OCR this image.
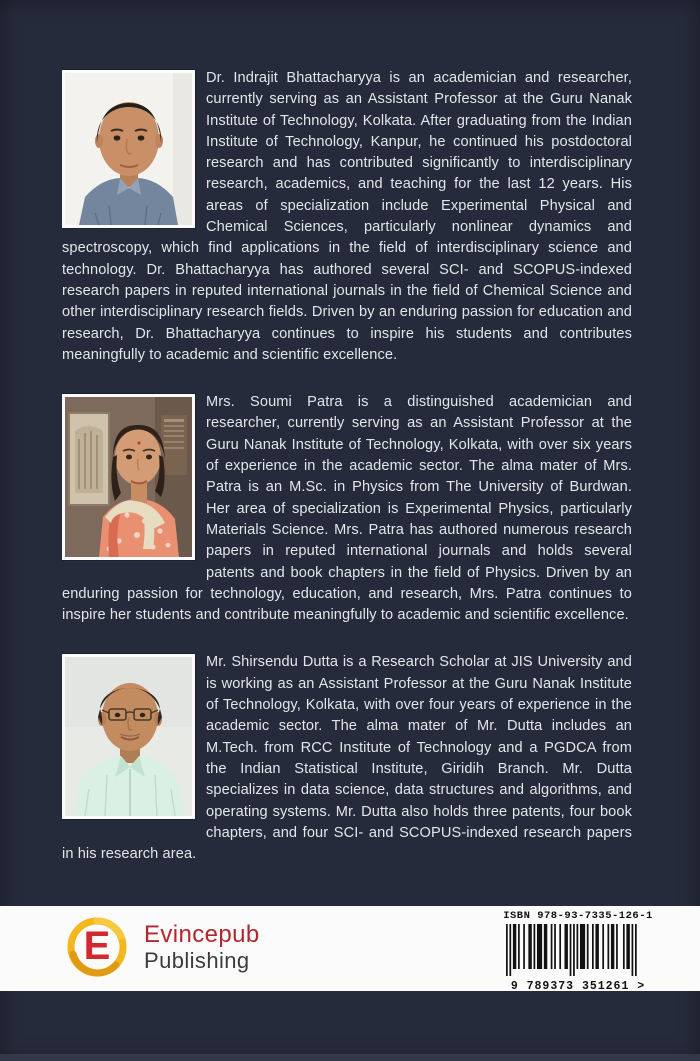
Dr. Indrajit Bhattacharyya is an academician and researcher, currently serving as an Assistant Professor at the Guru Nanak Institute of Technology, Kolkata. After graduating from the Indian Institute of Technology, Kanpur, he continued his postdoctoral research and has contributed significantly to interdisciplinary research, academics, and teaching for the last 12 years. His areas of specialization include Experimental Physical and Chemical Sciences, particularly nonlinear dynamics and spectroscopy, which find applications in the field of interdisciplinary science and technology. Dr. Bhattacharyya has authored several SCI- and SCOPUS-indexed research papers in reputed international journals in the field of Chemical Science and other interdisciplinary research fields. Driven by an enduring passion for education and research, Dr. Bhattacharyya continues to inspire his students and contributes meaningfully to academic and scientific excellence.
Mrs. Soumi Patra is a distinguished academician and researcher, currently serving as an Assistant Professor at the Guru Nanak Institute of Technology, Kolkata, with over six years of experience in the academic sector. The alma mater of Mrs. Patra is an M.Sc. in Physics from The University of Burdwan. Her area of specialization is Experimental Physics, particularly Materials Science. Mrs. Patra has authored numerous research papers in reputed international journals and holds several patents and book chapters in the field of Physics. Driven by an enduring passion for technology, education, and research, Mrs. Patra continues to inspire her students and contribute meaningfully to academic and scientific excellence.
Mr. Shirsendu Dutta is a Research Scholar at JIS University and is working as an Assistant Professor at the Guru Nanak Institute of Technology, Kolkata, with over four years of experience in the academic sector. The alma mater of Mr. Dutta includes an M.Tech. from RCC Institute of Technology and a PGDCA from the Indian Statistical Institute, Giridih Branch. Mr. Dutta specializes in data science, data structures and algorithms, and operating systems. Mr. Dutta also holds three patents, four book chapters, and four SCI- and SCOPUS-indexed research papers in his research area.
E	Evincepub
Publishing
ISBN 978-93-7335-126-1
9 789373 351261 >
